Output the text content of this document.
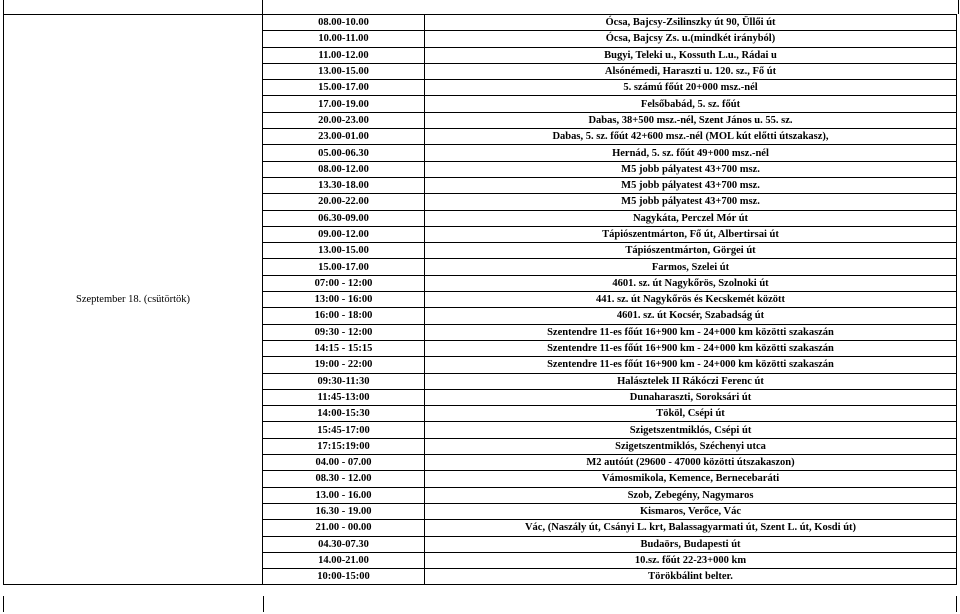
Szeptember 18. (csütörtök)	08.00-10.00	Ócsa, Bajcsy-Zsilinszky út 90, Üllői út
	10.00-11.00	Ócsa, Bajcsy Zs. u.(mindkét irányból)
	11.00-12.00	Bugyi, Teleki u., Kossuth L.u., Rádai u
	13.00-15.00	Alsónémedi, Haraszti u. 120. sz., Fő út
	15.00-17.00	5. számú főút 20+000 msz.-nél
	17.00-19.00	Felsőbabád, 5. sz. főút
	20.00-23.00	Dabas, 38+500 msz.-nél, Szent János u. 55. sz.
	23.00-01.00	Dabas, 5. sz. főút 42+600 msz.-nél (MOL kút előtti útszakasz),
	05.00-06.30	Hernád, 5. sz. főút 49+000 msz.-nél
	08.00-12.00	M5 jobb pályatest 43+700 msz.
	13.30-18.00	M5 jobb pályatest 43+700 msz.
	20.00-22.00	M5 jobb pályatest 43+700 msz.
	06.30-09.00	Nagykáta, Perczel Mór út
	09.00-12.00	Tápiószentmárton, Fő út, Albertirsai út
	13.00-15.00	Tápiószentmárton, Görgei út
	15.00-17.00	Farmos, Szelei út
	07:00 - 12:00	4601. sz. út Nagykőrös, Szolnoki út
	13:00 - 16:00	441. sz. út Nagykőrös és Kecskemét között
	16:00 - 18:00	4601. sz. út Kocsér, Szabadság út
	09:30 - 12:00	Szentendre 11-es főút 16+900 km - 24+000 km közötti szakaszán
	14:15 - 15:15	Szentendre 11-es főút 16+900 km - 24+000 km közötti szakaszán
	19:00 - 22:00	Szentendre 11-es főút 16+900 km - 24+000 km közötti szakaszán
	09:30-11:30	Halásztelek II Rákóczi Ferenc út
	11:45-13:00	Dunaharaszti, Soroksári út
	14:00-15:30	Tököl, Csépi út
	15:45-17:00	Szigetszentmiklós, Csépi út
	17:15:19:00	Szigetszentmiklós, Széchenyi utca
	04.00 - 07.00	M2 autóút (29600 - 47000 közötti útszakaszon)
	08.30 - 12.00	Vámosmikola, Kemence, Bernecebaráti
	13.00 - 16.00	Szob, Zebegény, Nagymaros
	16.30 - 19.00	Kismaros, Verőce, Vác
	21.00 - 00.00	Vác, (Naszály út, Csányi L. krt, Balassagyarmati út, Szent L. út, Kosdi út)
	04.30-07.30	Budaörs, Budapesti út
	14.00-21.00	10.sz. főút 22-23+000 km
	10:00-15:00	Törökbálint belter.
